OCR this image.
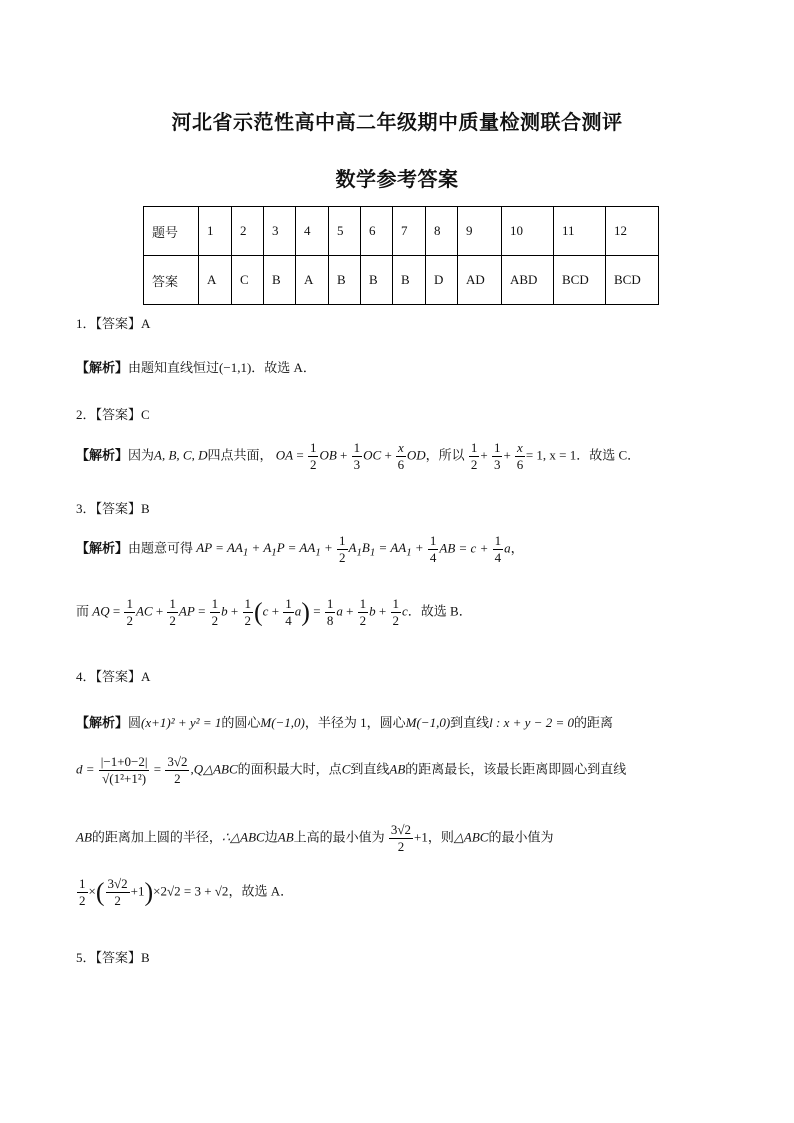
河北省示范性高中高二年级期中质量检测联合测评
数学参考答案
题号	1	2	3	4	5	6	7	8	9	10	11	12
答案	A	C	B	A	B	B	B	D	AD	ABD	BCD	BCD
1．【答案】A
【解析】由题知直线恒过(−1,1)．故选 A．
2．【答案】C
【解析】因为A, B, C, D四点共面， OA = $\frac{1}{2}$ OB + $\frac{1}{3}$ OC + $\frac{x}{6}$ OD，所以 $\frac{1}{2} + \frac{1}{3} + \frac{x}{6} = 1$, x = 1．故选 C．
3．【答案】B
【解析】由题意可得 AP = $AA_1 + A_1P = AA_1 + \frac{1}{2} A_1B_1 = AA_1 + \frac{1}{4}$ AB = $c + \frac{1}{4}$ a，
而 AQ = $\frac{1}{2}$ AC + $\frac{1}{2}$ AP = $\frac{1}{2}$ $b + \frac{1}{2} (c + \frac{1}{4} a) = \frac{1}{8}$ $a + \frac{1}{2}$ $b + \frac{1}{2}$ c．故选 B．
4．【答案】A
【解析】圆(x+1)² + y² = 1的圆心M(−1,0)，半径为 1，圆心M(−1,0)到直线l : x + y − 2 = 0的距离
$d = \frac{|-1+0-2|}{\text{√(1²+1²)}} = \frac{3√2}{2}$ ,Q△ABC的面积最大时，点C到直线AB的距离最长，该最长距离即圆心到直线
AB的距离加上圆的半径，∴△ABC边AB上高的最小值为 $\frac{3√2}{2} +1$，则△ABC的最小值为
$\frac{1}{2}$ ×( $\frac{3√2}{2} +1)\times 2√2 = 3 + √2$，故选 A．
5．【答案】B
